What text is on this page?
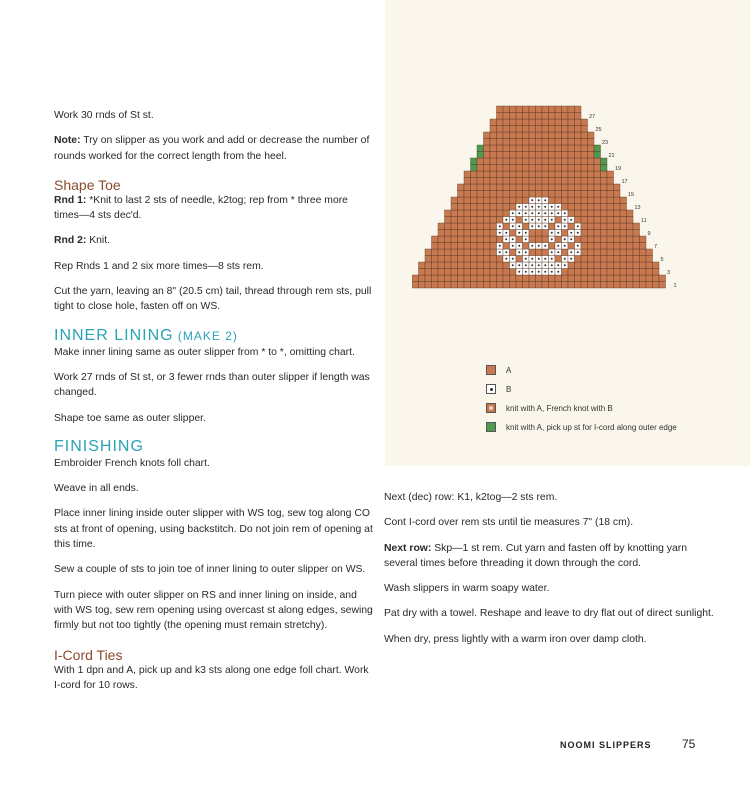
Work 30 rnds of St st.

Note: Try on slipper as you work and add or decrease the number of rounds worked for the correct length from the heel.

Shape Toe

Rnd 1: *Knit to last 2 sts of needle, k2tog; rep from * three more times—4 sts dec'd.

Rnd 2: Knit.

Rep Rnds 1 and 2 six more times—8 sts rem.

Cut the yarn, leaving an 8" (20.5 cm) tail, thread through rem sts, pull tight to close hole, fasten off on WS.

INNER LINING (MAKE 2)

Make inner lining same as outer slipper from * to *, omitting chart.

Work 27 rnds of St st, or 3 fewer rnds than outer slipper if length was changed.

Shape toe same as outer slipper.

FINISHING

Embroider French knots foll chart.

Weave in all ends.

Place inner lining inside outer slipper with WS tog, sew tog along CO sts at front of opening, using backstitch. Do not join rem of opening at this time.

Sew a couple of sts to join toe of inner lining to outer slipper on WS.

Turn piece with outer slipper on RS and inner lining on inside, and with WS tog, sew rem opening using overcast st along edges, sewing firmly but not too tightly (the opening must remain stretchy).

I-Cord Ties

With 1 dpn and A, pick up and k3 sts along one edge foll chart. Work I-cord for 10 rows.

Next (dec) row: K1, k2tog—2 sts rem.

Cont I-cord over rem sts until tie measures 7" (18 cm).

Next row: Skp—1 st rem. Cut yarn and fasten off by knotting yarn several times before threading it down through the cord.

Wash slippers in warm soapy water.

Pat dry with a towel. Reshape and leave to dry flat out of direct sunlight.

When dry, press lightly with a warm iron over damp cloth.

1
3
5
7
9
11
13
15
17
19
21
23
25
27
A
B
knit with A, French knot with B
knit with A, pick up st for I-cord along outer edge
NOOMI SLIPPERS	75
